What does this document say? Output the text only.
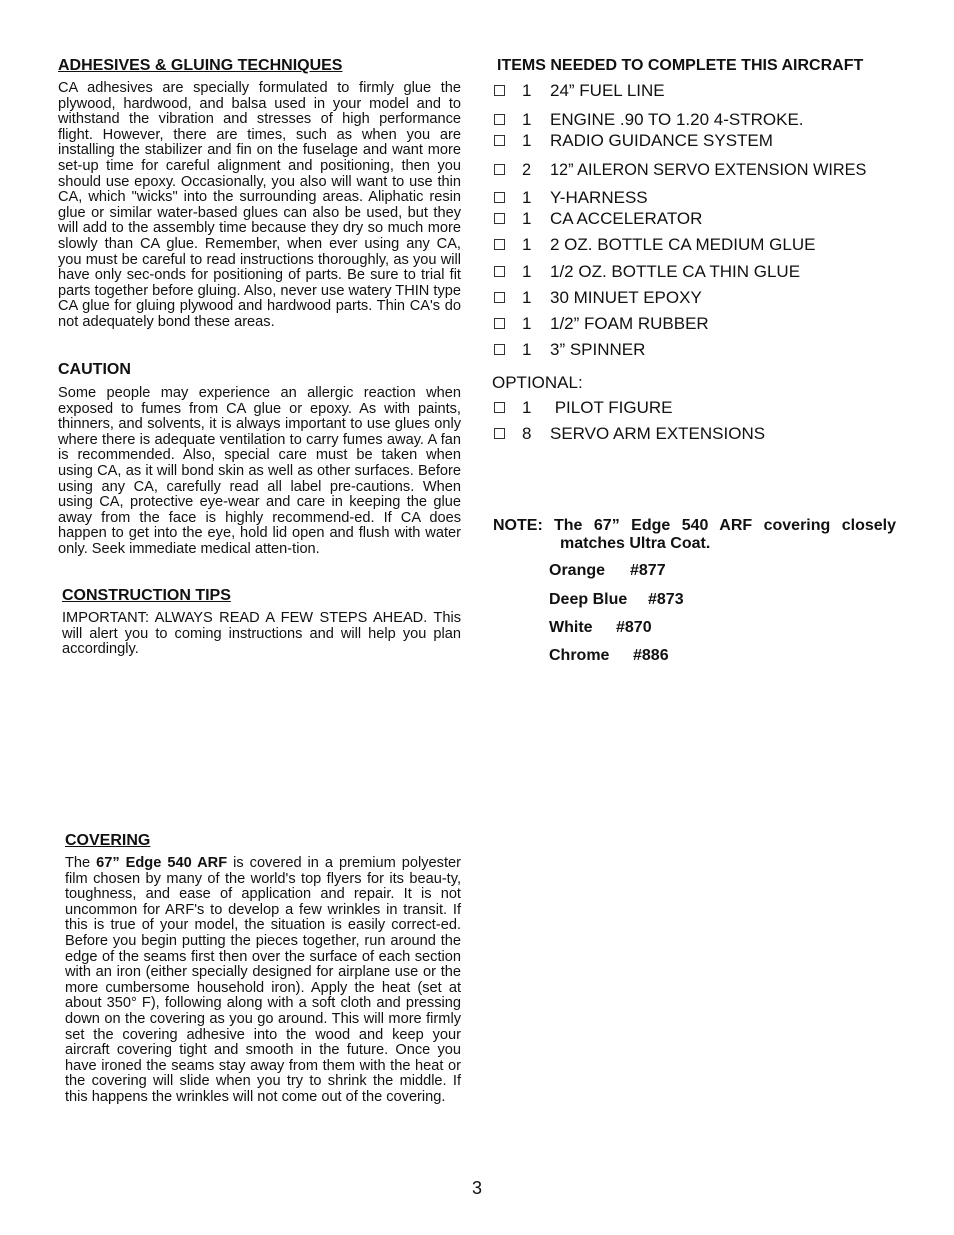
ADHESIVES & GLUING TECHNIQUES

CA adhesives are specially formulated to firmly glue the plywood, hardwood, and balsa used in your model and to withstand the vibration and stresses of high performance flight. However, there are times, such as when you are installing the stabilizer and fin on the fuselage and want more set-up time for careful alignment and positioning, then you should use epoxy. Occasionally, you also will want to use thin CA, which "wicks" into the surrounding areas. Aliphatic resin glue or similar water-based glues can also be used, but they will add to the assembly time because they dry so much more slowly than CA glue. Remember, when ever using any CA, you must be careful to read instructions thoroughly, as you will have only sec-onds for positioning of parts. Be sure to trial fit parts together before gluing. Also, never use watery THIN type CA glue for gluing plywood and hardwood parts. Thin CA's do not adequately bond these areas.

CAUTION

Some people may experience an allergic reaction when exposed to fumes from CA glue or epoxy. As with paints, thinners, and solvents, it is always important to use glues only where there is adequate ventilation to carry fumes away. A fan is recommended. Also, special care must be taken when using CA, as it will bond skin as well as other surfaces. Before using any CA, carefully read all label pre-cautions. When using CA, protective eye-wear and care in keeping the glue away from the face is highly recommend-ed. If CA does happen to get into the eye, hold lid open and flush with water only. Seek immediate medical atten-tion.

CONSTRUCTION TIPS

IMPORTANT: ALWAYS READ A FEW STEPS AHEAD. This will alert you to coming instructions and will help you plan accordingly.

COVERING

The 67” Edge 540 ARF is covered in a premium polyester film chosen by many of the world's top flyers for its beau-ty, toughness, and ease of application and repair. It is not uncommon for ARF's to develop a few wrinkles in transit. If this is true of your model, the situation is easily correct-ed. Before you begin putting the pieces together, run around the edge of the seams first then over the surface of each section with an iron (either specially designed for airplane use or the more cumbersome household iron). Apply the heat (set at about 350° F), following along with a soft cloth and pressing down on the covering as you go around. This will more firmly set the covering adhesive into the wood and keep your aircraft covering tight and smooth in the future. Once you have ironed the seams stay away from them with the heat or the covering will slide when you try to shrink the middle. If this happens the wrinkles will not come out of the covering.

ITEMS NEEDED TO COMPLETE THIS AIRCRAFT
1 24” FUEL LINE
1 ENGINE .90 TO 1.20 4-STROKE.
1 RADIO GUIDANCE SYSTEM
2 12” AILERON SERVO EXTENSION WIRES
1 Y-HARNESS
1 CA ACCELERATOR
1 2 OZ. BOTTLE CA MEDIUM GLUE
1 1/2 OZ. BOTTLE CA THIN GLUE
1 30 MINUET EPOXY
1 1/2” FOAM RUBBER
1 3” SPINNER
OPTIONAL:
1 PILOT FIGURE
8 SERVO ARM EXTENSIONS
NOTE: The 67” Edge 540 ARF covering closely
matches Ultra Coat.
Orange #877
Deep Blue #873
White #870
Chrome #886
3
